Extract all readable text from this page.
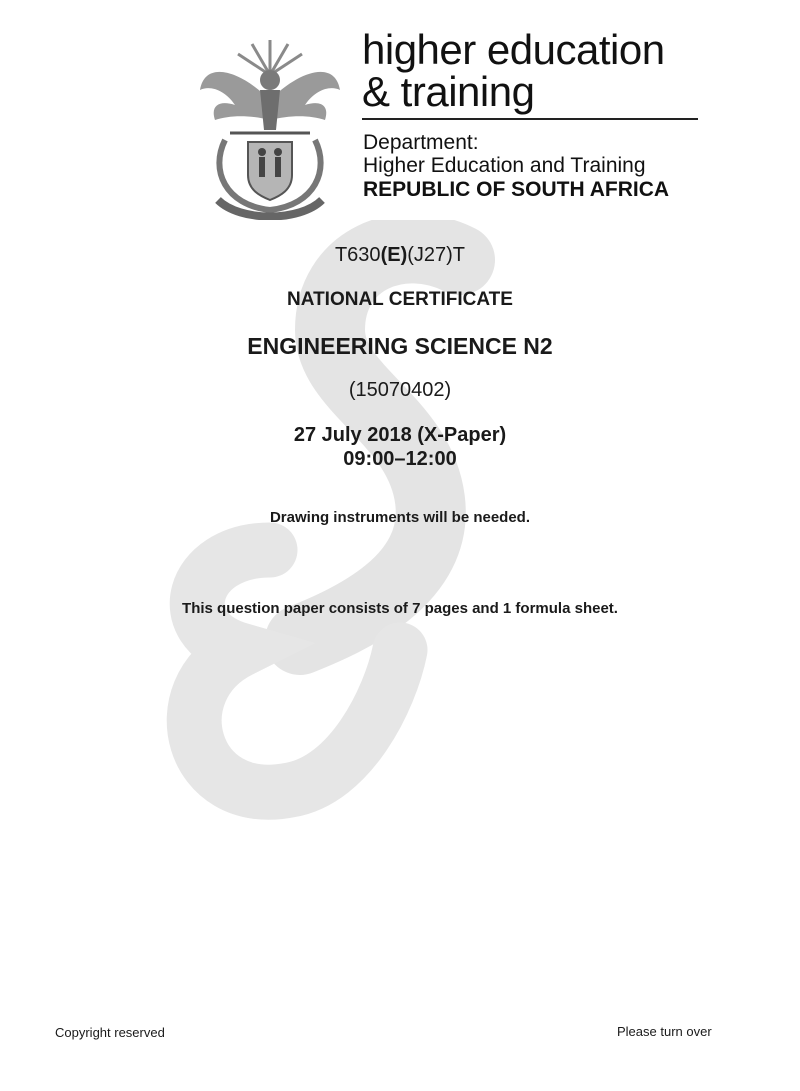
higher education
& training
Department:
Higher Education and Training
REPUBLIC OF SOUTH AFRICA
T630(E)(J27)T
NATIONAL CERTIFICATE
ENGINEERING SCIENCE N2
(15070402)
27 July 2018 (X-Paper)
09:00–12:00
Drawing instruments will be needed.
This question paper consists of 7 pages and 1 formula sheet.
Copyright reserved	Please turn over
